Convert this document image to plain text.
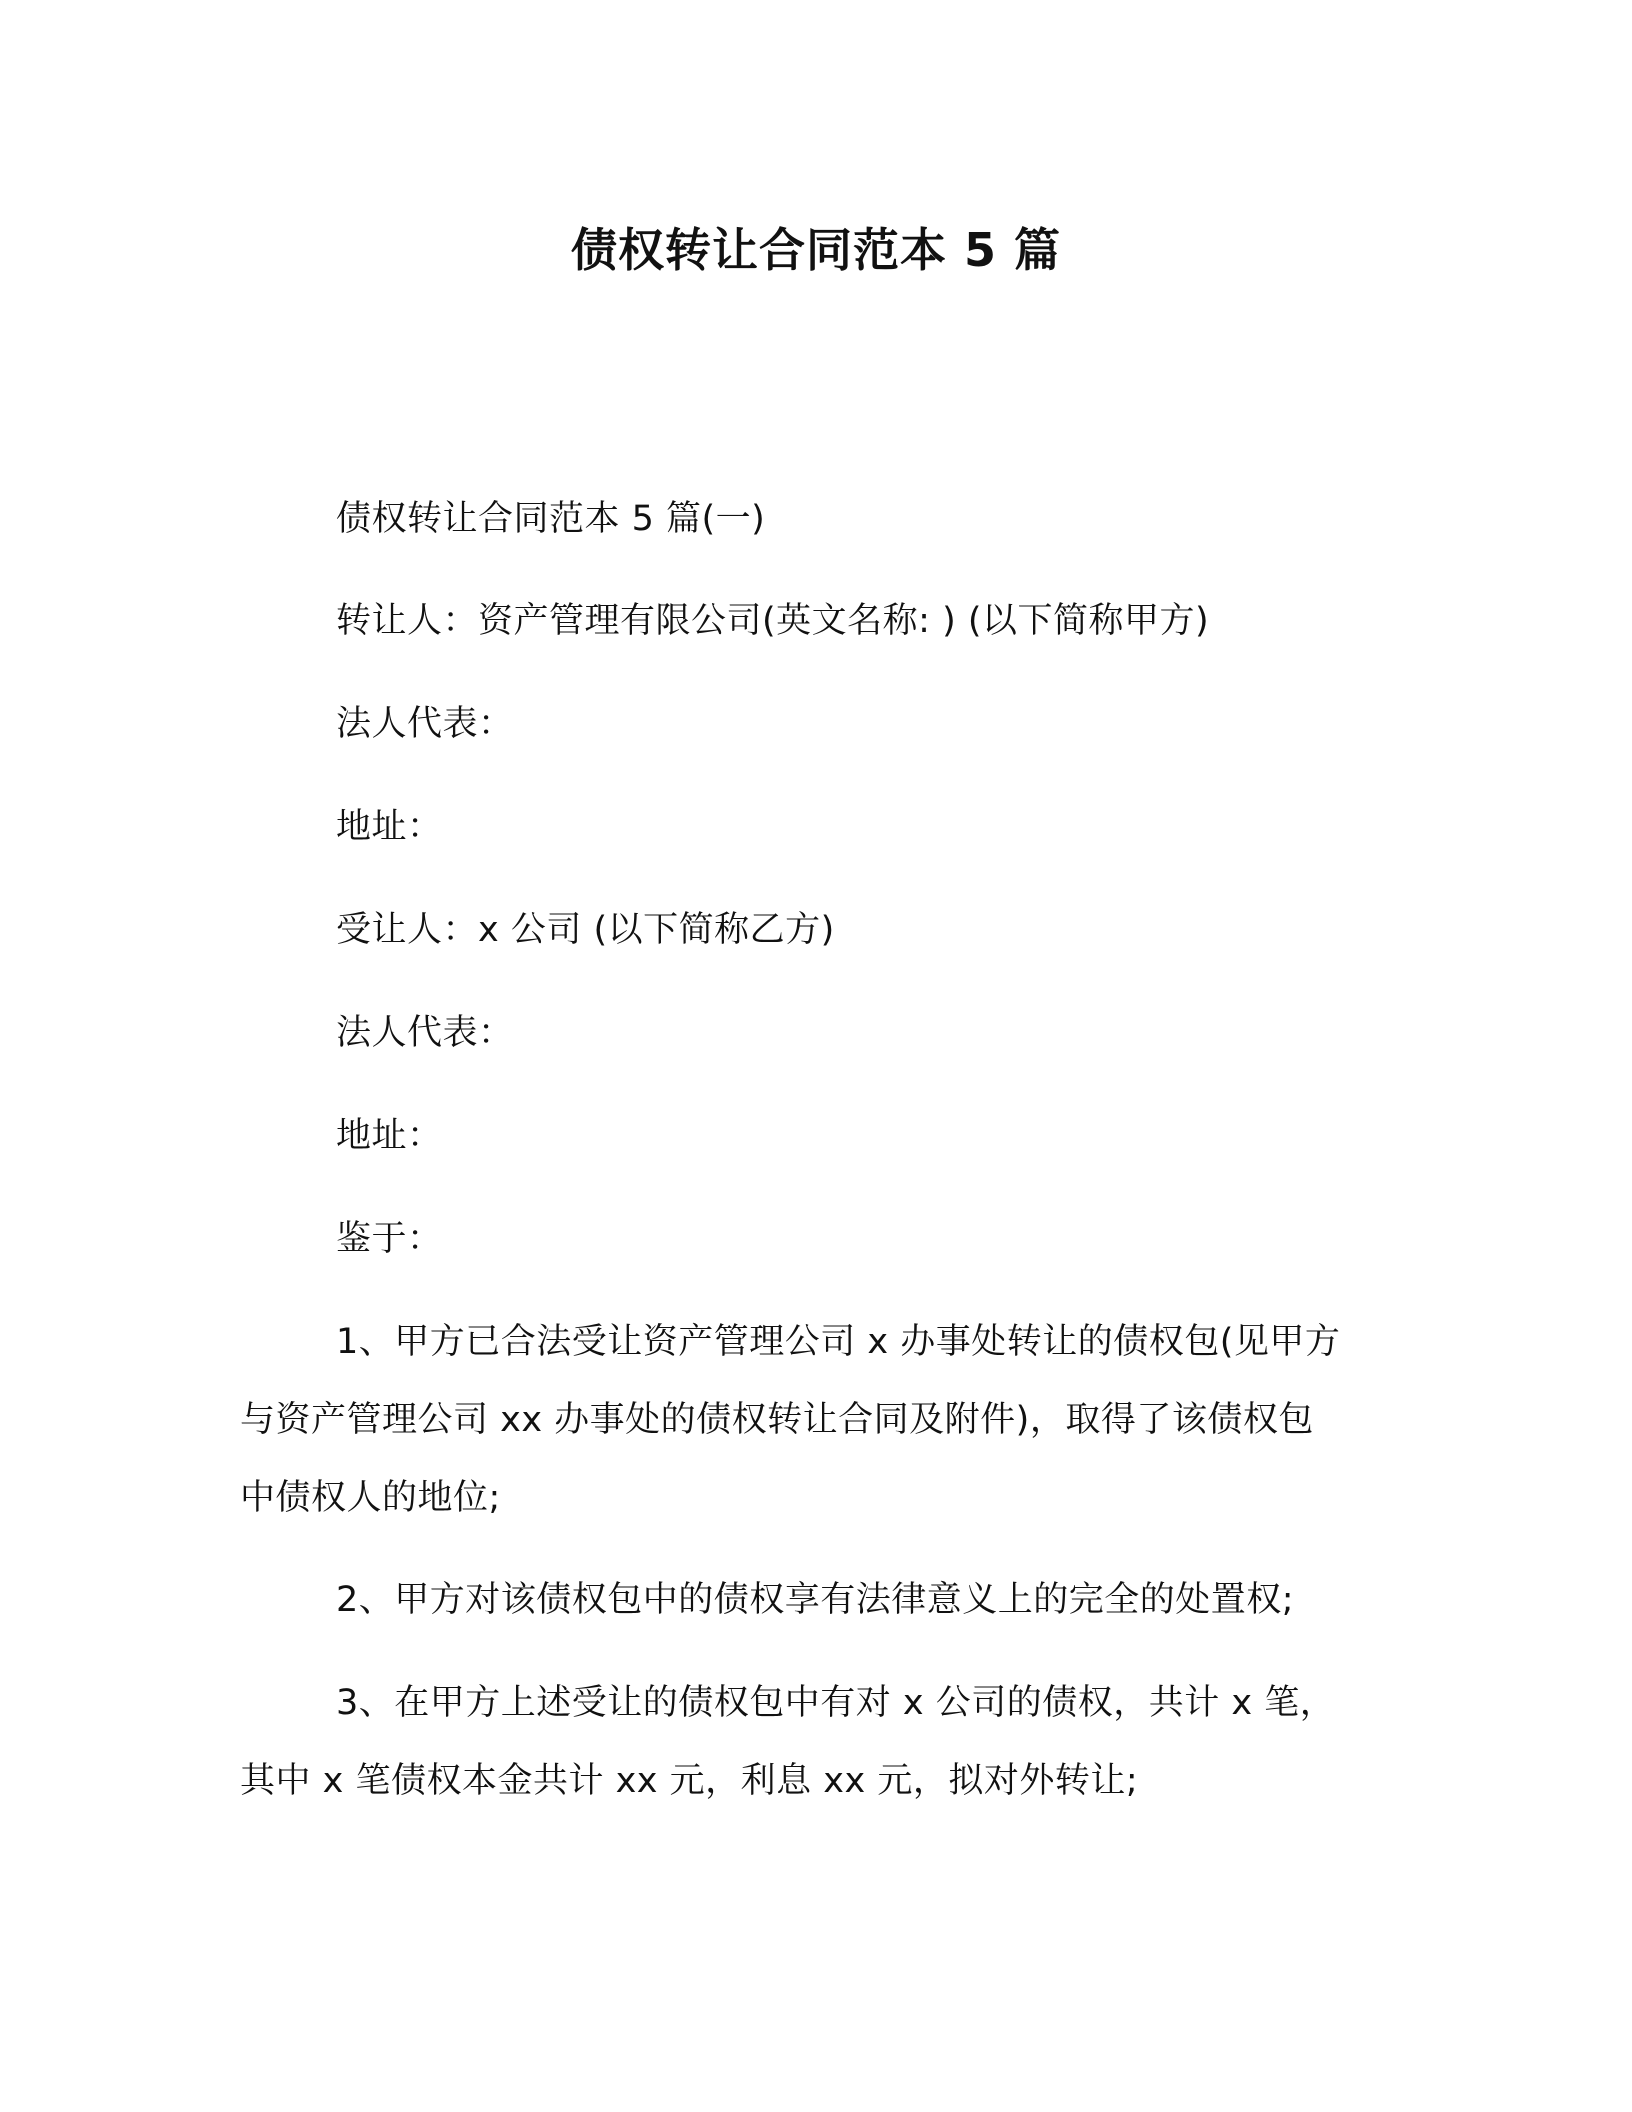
债权转让合同范本 5 篇
债权转让合同范本 5 篇(一)
转让人：资产管理有限公司(英文名称: ) (以下简称甲方)
法人代表：
地址：
受让人：x 公司 (以下简称乙方)
法人代表：
地址：
鉴于：
1、甲方已合法受让资产管理公司 x 办事处转让的债权包(见甲方
与资产管理公司 xx 办事处的债权转让合同及附件)，取得了该债权包
中债权人的地位;
2、甲方对该债权包中的债权享有法律意义上的完全的处置权;
3、在甲方上述受让的债权包中有对 x 公司的债权，共计 x 笔，
其中 x 笔债权本金共计 xx 元，利息 xx 元，拟对外转让;
